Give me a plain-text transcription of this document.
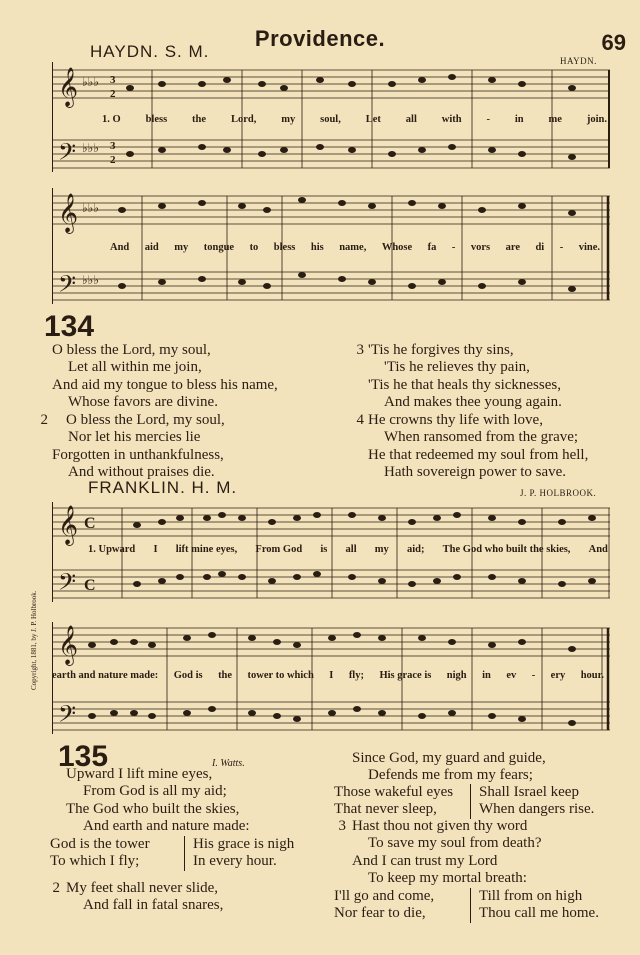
Providence.	69
HAYDN. S. M.	HAYDN.
𝄞
𝄢
♭♭♭
♭♭♭
3
2
3
2
1. O bless the Lord, my soul, Let all with - in me join.
𝄞
𝄢
♭♭♭
♭♭♭
And aid my tongue to bless his name, Whose fa - vors are di - vine.
134
O bless the Lord, my soul,
Let all within me join,
And aid my tongue to bless his name,
Whose favors are divine.
2	O bless the Lord, my soul,
Nor let his mercies lie
Forgotten in unthankfulness,
And without praises die.
3 'Tis he forgives thy sins,
'Tis he relieves thy pain,
'Tis he that heals thy sicknesses,
And makes thee young again.
4 He crowns thy life with love,
When ransomed from the grave;
He that redeemed my soul from hell,
Hath sovereign power to save.
FRANKLIN. H. M.	J. P. HOLBROOK.
Copyright, 1881, by J. P. Holbrook.
𝄞
𝄢
C
C
1. Upward I lift mine eyes, From God is all my aid; The God who built the skies, And
𝄞
𝄢
earth and nature made: God is the tower to which I fly; His grace is nigh in ev - ery hour.
135	I. Watts.
Upward I lift mine eyes,
From God is all my aid;
The God who built the skies,
And earth and nature made:
God is the tower
To which I fly;
His grace is nigh
In every hour.
2 My feet shall never slide,
And fall in fatal snares,
Since God, my guard and guide,
Defends me from my fears;
Those wakeful eyes
That never sleep,
Shall Israel keep
When dangers rise.
3 Hast thou not given thy word
To save my soul from death?
And I can trust my Lord
To keep my mortal breath:
I'll go and come,
Nor fear to die,
Till from on high
Thou call me home.
